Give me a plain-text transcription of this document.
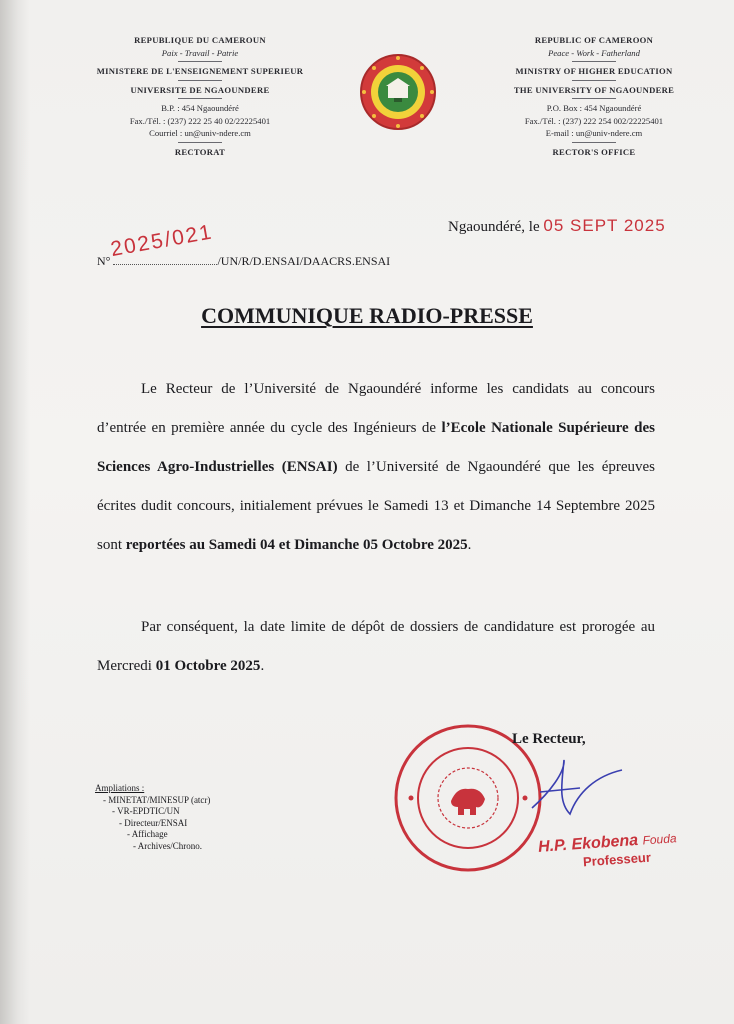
REPUBLIQUE DU CAMEROUN
Paix - Travail - Patrie
MINISTERE DE L'ENSEIGNEMENT SUPERIEUR
UNIVERSITE DE NGAOUNDERE
B.P. : 454 Ngaoundéré
Fax./Tél. : (237) 222 25 40 02/22225401
Courriel : un@univ-ndere.cm
RECTORAT
REPUBLIC OF CAMEROON
Peace - Work - Fatherland
MINISTRY OF HIGHER EDUCATION
THE UNIVERSITY OF NGAOUNDERE
P.O. Box : 454 Ngaoundéré
Fax./Tél. : (237) 222 254 002/22225401
E-mail : un@univ-ndere.cm
RECTOR'S OFFICE
Ngaoundéré, le 05 SEPT 2025
2025/021
N°	/UN/R/D.ENSAI/DAACRS.ENSAI
COMMUNIQUE RADIO-PRESSE

Le Recteur de l’Université de Ngaoundéré informe les candidats au concours d’entrée en première année du cycle des Ingénieurs de l’Ecole Nationale Supérieure des Sciences Agro-Industrielles (ENSAI) de l’Université de Ngaoundéré que les épreuves écrites dudit concours, initialement prévues le Samedi 13 et Dimanche 14 Septembre 2025 sont reportées au Samedi 04 et Dimanche 05 Octobre 2025.

Par conséquent, la date limite de dépôt de dossiers de candidature est prorogée au Mercredi 01 Octobre 2025.

Le Recteur,
H.P. Ekobena Fouda
Professeur
Ampliations :
- MINETAT/MINESUP (atcr)
- VR-EPDTIC/UN
- Directeur/ENSAI
- Affichage
- Archives/Chrono.
